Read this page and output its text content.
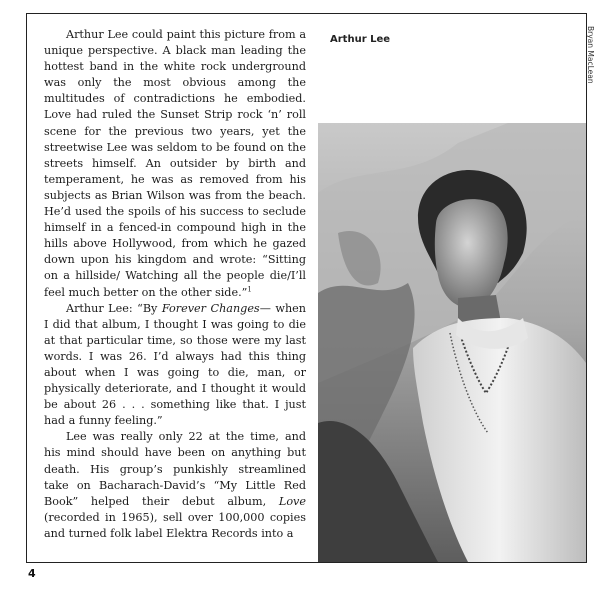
Arthur Lee could paint this picture from a unique perspective. A black man leading the hottest band in the white rock underground was only the most obvious among the multitudes of contradictions he embodied. Love had ruled the Sunset Strip rock ‘n’ roll scene for the previous two years, yet the streetwise Lee was seldom to be found on the streets himself. An outsider by birth and temperament, he was as removed from his subjects as Brian Wilson was from the beach. He’d used the spoils of his success to seclude himself in a fenced-in compound high in the hills above Hollywood, from which he gazed down upon his kingdom and wrote: “Sitting on a hillside/ Watching all the people die/I’ll feel much better on the other side.”$^1$

Arthur Lee: “By Forever Changes— when I did that album, I thought I was going to die at that particular time, so those were my last words. I was 26. I’d always had this thing about when I was going to die, man, or physically deteriorate, and I thought it would be about 26 . . . something like that. I just had a funny feeling.”

Lee was really only 22 at the time, and his mind should have been on anything but death. His group’s punkishly streamlined take on Bacharach-David’s “My Little Red Book” helped their debut album, Love (recorded in 1965), sell over 100,000 copies and turned folk label Elektra Records into a

Arthur Lee	Bryan MacLean
4
